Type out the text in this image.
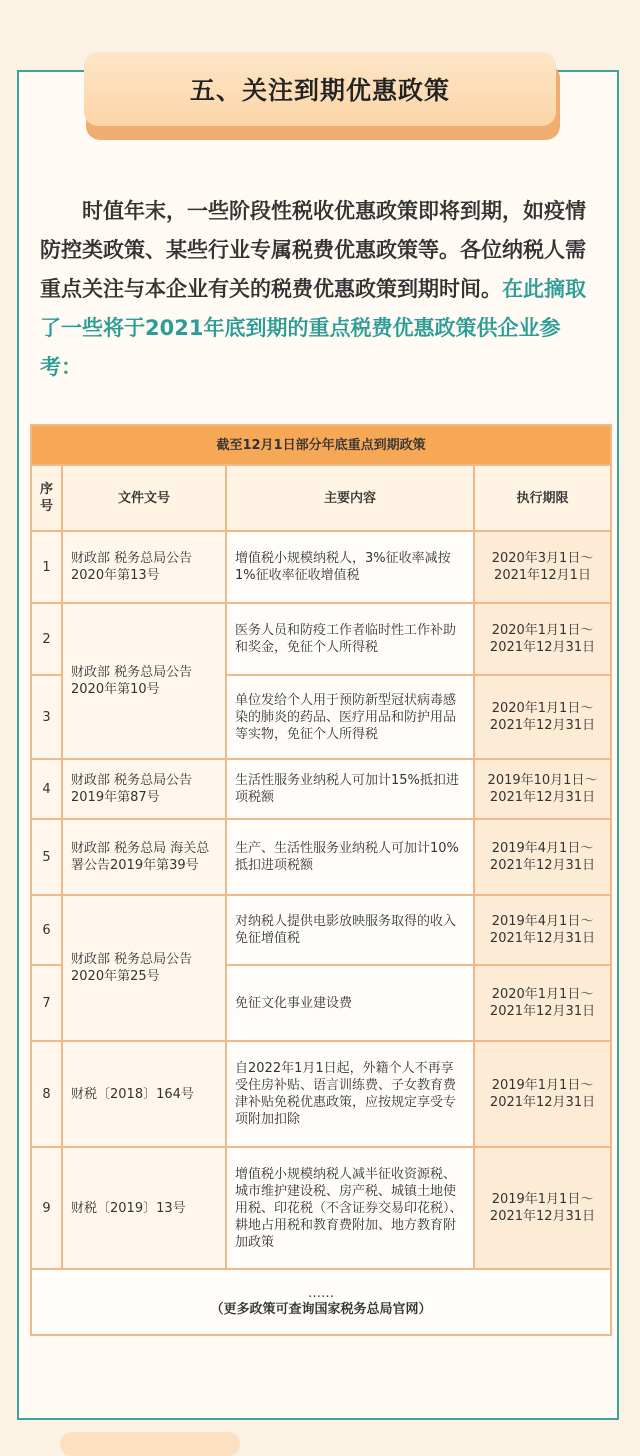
五、关注到期优惠政策

时值年末，一些阶段性税收优惠政策即将到期，如疫情防控类政策、某些行业专属税费优惠政策等。各位纳税人需重点关注与本企业有关的税费优惠政策到期时间。在此摘取了一些将于2021年底到期的重点税费优惠政策供企业参考：

截至12月1日部分年底重点到期政策			
序号	文件文号	主要内容	执行期限
1	财政部 税务总局公告2020年第13号	增值税小规模纳税人，3%征收率减按1%征收率征收增值税	2020年3月1日～2021年12月1日
2	财政部 税务总局公告2020年第10号	医务人员和防疫工作者临时性工作补助和奖金，免征个人所得税	2020年1月1日～2021年12月31日
3		单位发给个人用于预防新型冠状病毒感染的肺炎的药品、医疗用品和防护用品等实物，免征个人所得税	2020年1月1日～2021年12月31日
4	财政部 税务总局公告2019年第87号	生活性服务业纳税人可加计15%抵扣进项税额	2019年10月1日～2021年12月31日
5	财政部 税务总局 海关总署公告2019年第39号	生产、生活性服务业纳税人可加计10%抵扣进项税额	2019年4月1日～2021年12月31日
6	财政部 税务总局公告2020年第25号	对纳税人提供电影放映服务取得的收入免征增值税	2019年4月1日～2021年12月31日
7		免征文化事业建设费	2020年1月1日～2021年12月31日
8	财税〔2018〕164号	自2022年1月1日起，外籍个人不再享受住房补贴、语言训练费、子女教育费津补贴免税优惠政策，应按规定享受专项附加扣除	2019年1月1日～2021年12月31日
9	财税〔2019〕13号	增值税小规模纳税人减半征收资源税、城市维护建设税、房产税、城镇土地使用税、印花税（不含证券交易印花税）、耕地占用税和教育费附加、地方教育附加政策	2019年1月1日～2021年12月31日

……
（更多政策可查询国家税务总局官网）			
